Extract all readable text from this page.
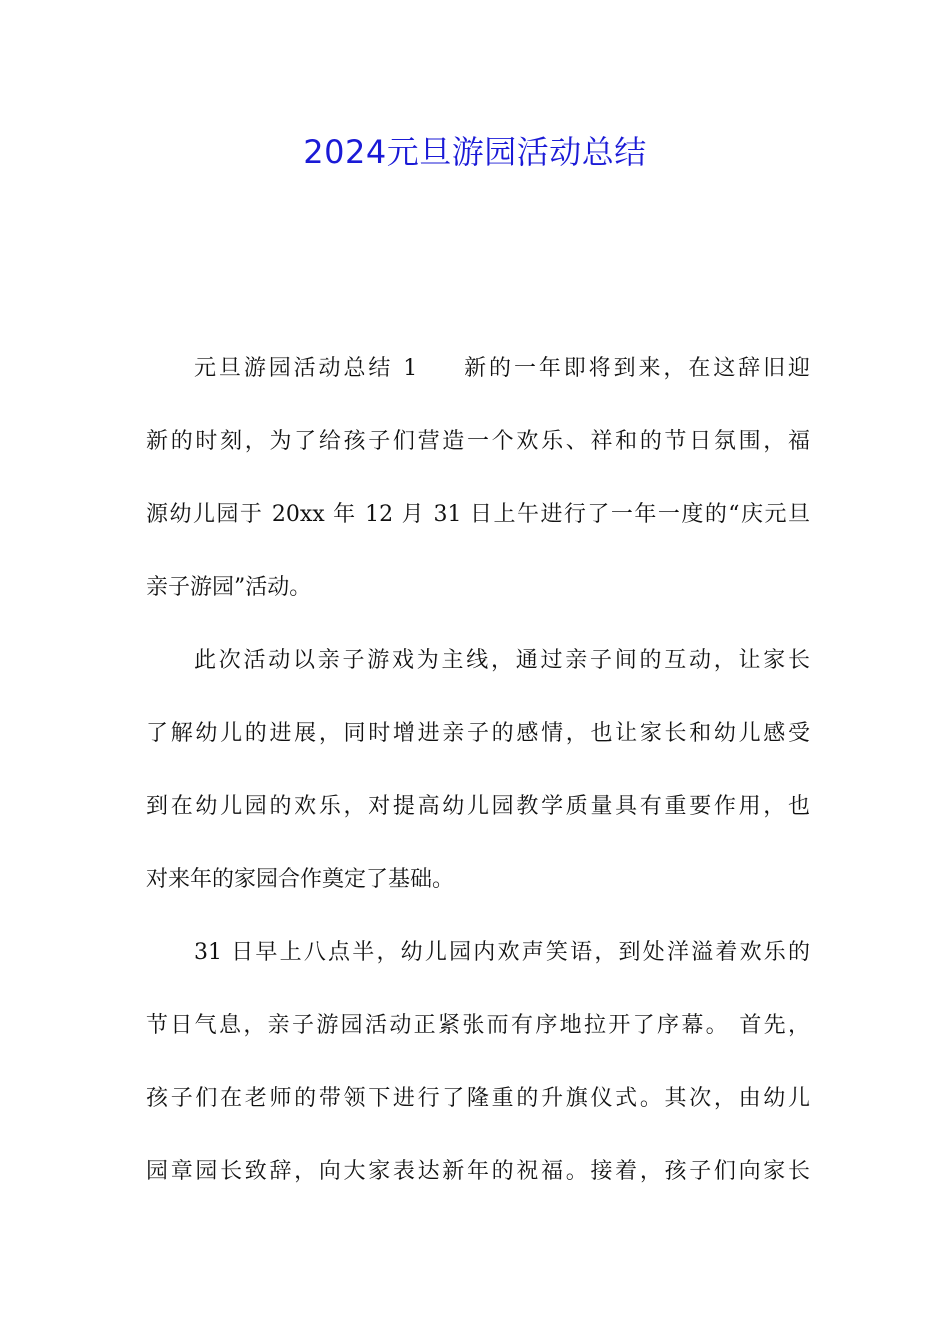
2024元旦游园活动总结
元旦游园活动总结 1 新的一年即将到来，在这辞旧迎
新的时刻，为了给孩子们营造一个欢乐、祥和的节日氛围，福
源幼儿园于 20xx 年 12 月 31 日上午进行了一年一度的“庆元旦
亲子游园”活动。
此次活动以亲子游戏为主线，通过亲子间的互动，让家长
了解幼儿的进展，同时增进亲子的感情，也让家长和幼儿感受
到在幼儿园的欢乐，对提高幼儿园教学质量具有重要作用，也
对来年的家园合作奠定了基础。
31 日早上八点半，幼儿园内欢声笑语，到处洋溢着欢乐的
节日气息，亲子游园活动正紧张而有序地拉开了序幕。 首先，
孩子们在老师的带领下进行了隆重的升旗仪式。其次，由幼儿
园章园长致辞，向大家表达新年的祝福。接着，孩子们向家长
